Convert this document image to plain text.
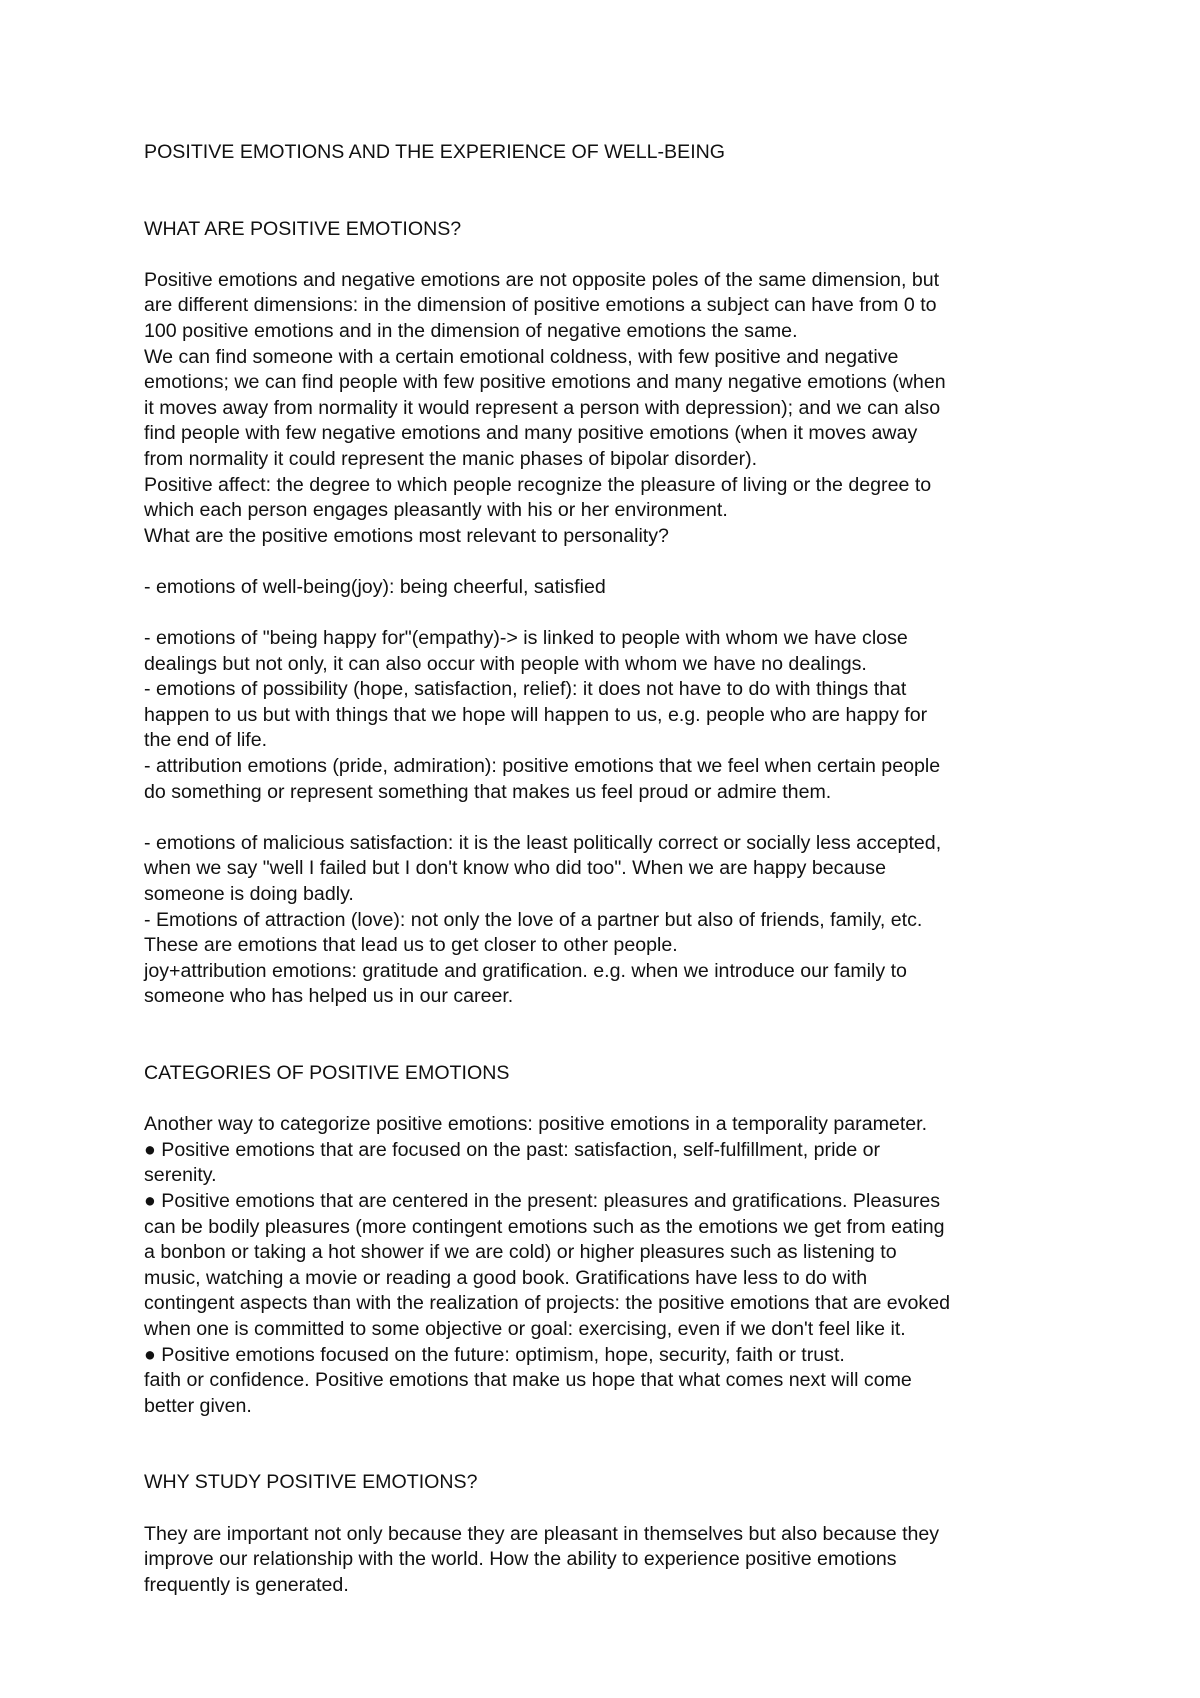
POSITIVE EMOTIONS AND THE EXPERIENCE OF WELL-BEING
WHAT ARE POSITIVE EMOTIONS?
Positive emotions and negative emotions are not opposite poles of the same dimension, but
are different dimensions: in the dimension of positive emotions a subject can have from 0 to
100 positive emotions and in the dimension of negative emotions the same.
We can find someone with a certain emotional coldness, with few positive and negative
emotions; we can find people with few positive emotions and many negative emotions (when
it moves away from normality it would represent a person with depression); and we can also
find people with few negative emotions and many positive emotions (when it moves away
from normality it could represent the manic phases of bipolar disorder).
Positive affect: the degree to which people recognize the pleasure of living or the degree to
which each person engages pleasantly with his or her environment.
What are the positive emotions most relevant to personality?
- emotions of well-being(joy): being cheerful, satisfied
- emotions of "being happy for"(empathy)-> is linked to people with whom we have close
dealings but not only, it can also occur with people with whom we have no dealings.
- emotions of possibility (hope, satisfaction, relief): it does not have to do with things that
happen to us but with things that we hope will happen to us, e.g. people who are happy for
the end of life.
- attribution emotions (pride, admiration): positive emotions that we feel when certain people
do something or represent something that makes us feel proud or admire them.
- emotions of malicious satisfaction: it is the least politically correct or socially less accepted,
when we say "well I failed but I don't know who did too". When we are happy because
someone is doing badly.
- Emotions of attraction (love): not only the love of a partner but also of friends, family, etc.
These are emotions that lead us to get closer to other people.
joy+attribution emotions: gratitude and gratification. e.g. when we introduce our family to
someone who has helped us in our career.
CATEGORIES OF POSITIVE EMOTIONS
Another way to categorize positive emotions: positive emotions in a temporality parameter.
● Positive emotions that are focused on the past: satisfaction, self-fulfillment, pride or
serenity.
● Positive emotions that are centered in the present: pleasures and gratifications. Pleasures
can be bodily pleasures (more contingent emotions such as the emotions we get from eating
a bonbon or taking a hot shower if we are cold) or higher pleasures such as listening to
music, watching a movie or reading a good book. Gratifications have less to do with
contingent aspects than with the realization of projects: the positive emotions that are evoked
when one is committed to some objective or goal: exercising, even if we don't feel like it.
● Positive emotions focused on the future: optimism, hope, security, faith or trust.
faith or confidence. Positive emotions that make us hope that what comes next will come
better given.
WHY STUDY POSITIVE EMOTIONS?
They are important not only because they are pleasant in themselves but also because they
improve our relationship with the world. How the ability to experience positive emotions
frequently is generated.
